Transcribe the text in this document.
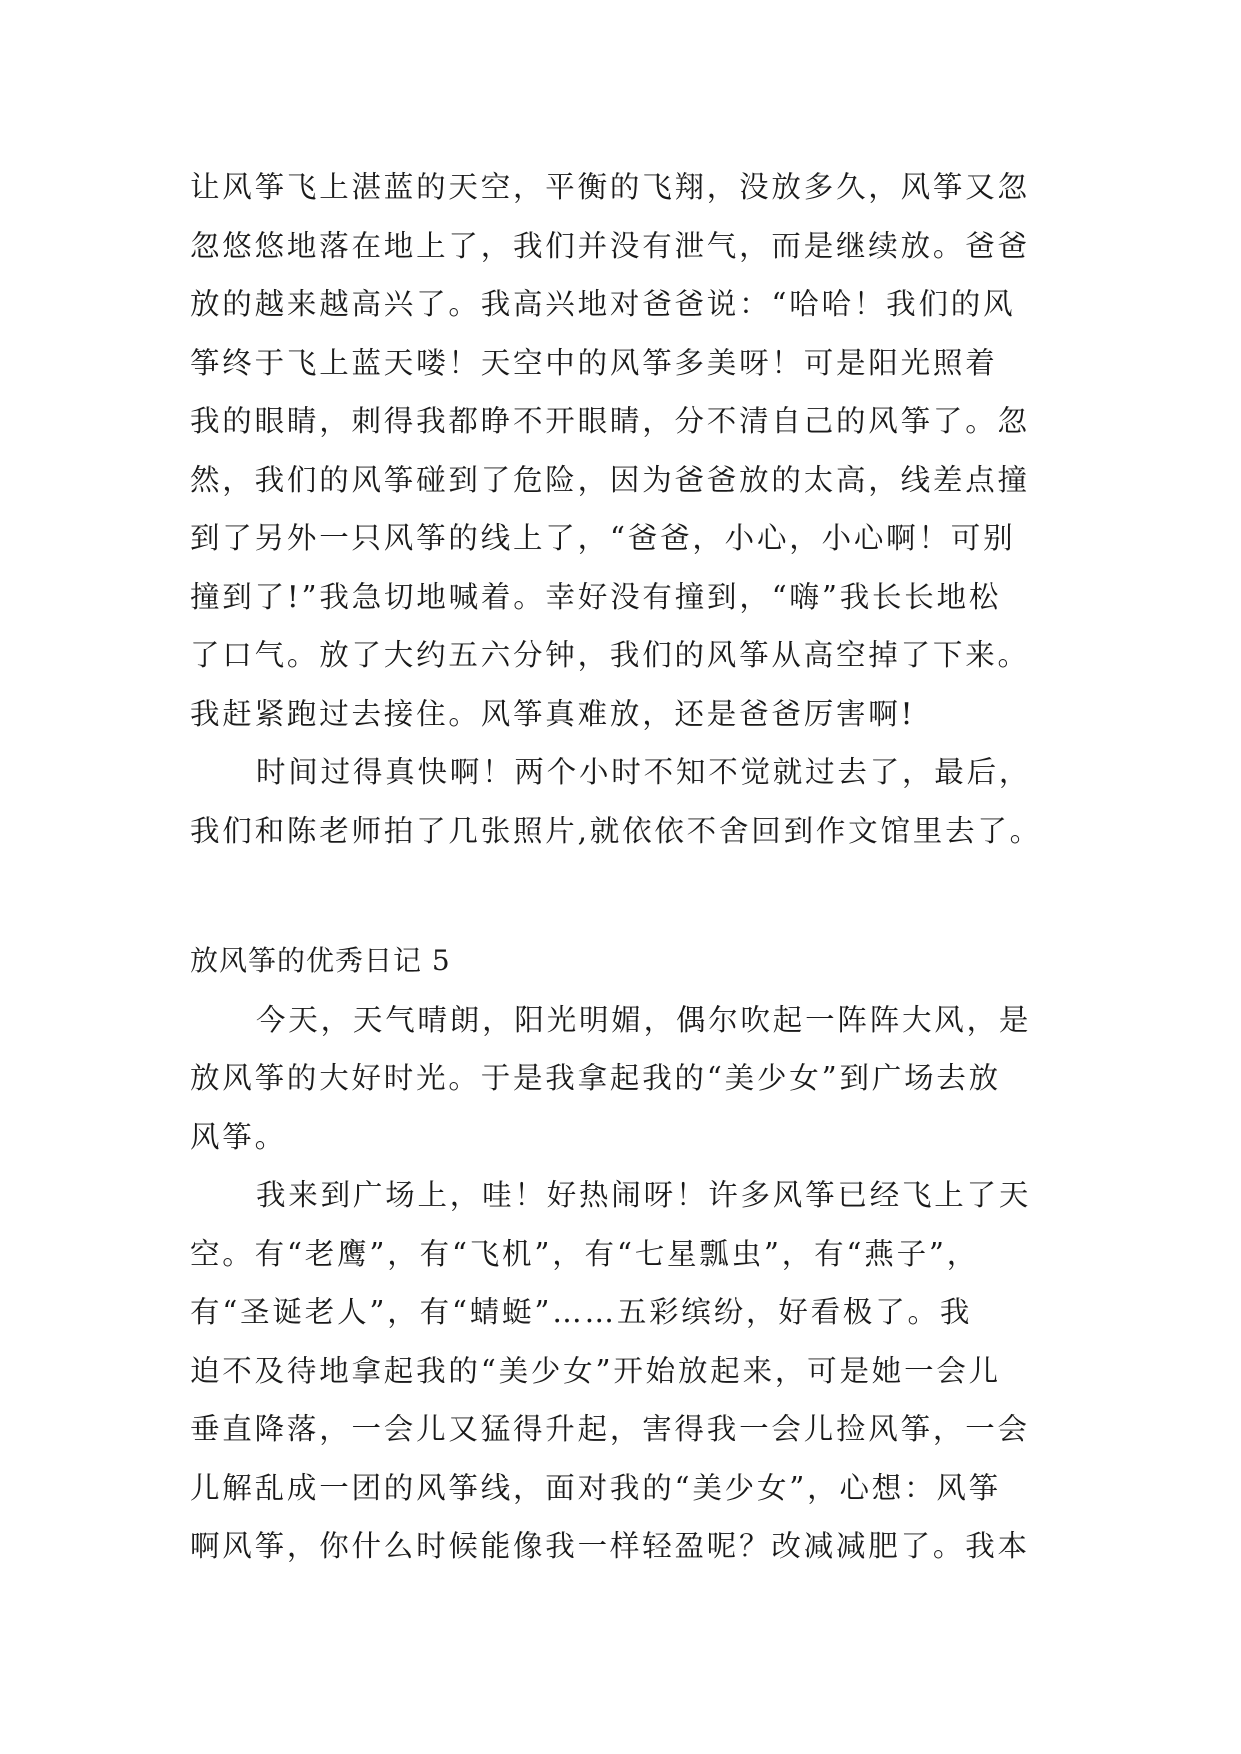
让风筝飞上湛蓝的天空，平衡的飞翔，没放多久，风筝又忽
忽悠悠地落在地上了，我们并没有泄气，而是继续放。爸爸
放的越来越高兴了。我高兴地对爸爸说：“哈哈！我们的风
筝终于飞上蓝天喽！天空中的风筝多美呀！可是阳光照着
我的眼睛，刺得我都睁不开眼睛，分不清自己的风筝了。忽
然，我们的风筝碰到了危险，因为爸爸放的太高，线差点撞
到了另外一只风筝的线上了，“爸爸，小心，小心啊！可别
撞到了!”我急切地喊着。幸好没有撞到，“嗨”我长长地松
了口气。放了大约五六分钟，我们的风筝从高空掉了下来。
我赶紧跑过去接住。风筝真难放，还是爸爸厉害啊!
时间过得真快啊！两个小时不知不觉就过去了，最后，
我们和陈老师拍了几张照片,就依依不舍回到作文馆里去了。
放风筝的优秀日记 5
今天，天气晴朗，阳光明媚，偶尔吹起一阵阵大风，是
放风筝的大好时光。于是我拿起我的“美少女”到广场去放
风筝。
我来到广场上，哇！好热闹呀！许多风筝已经飞上了天
空。有“老鹰”，有“飞机”，有“七星瓢虫”，有“燕子”，
有“圣诞老人”，有“蜻蜓”……五彩缤纷，好看极了。我
迫不及待地拿起我的“美少女”开始放起来，可是她一会儿
垂直降落，一会儿又猛得升起，害得我一会儿捡风筝，一会
儿解乱成一团的风筝线，面对我的“美少女”，心想：风筝
啊风筝，你什么时候能像我一样轻盈呢？改减减肥了。我本
